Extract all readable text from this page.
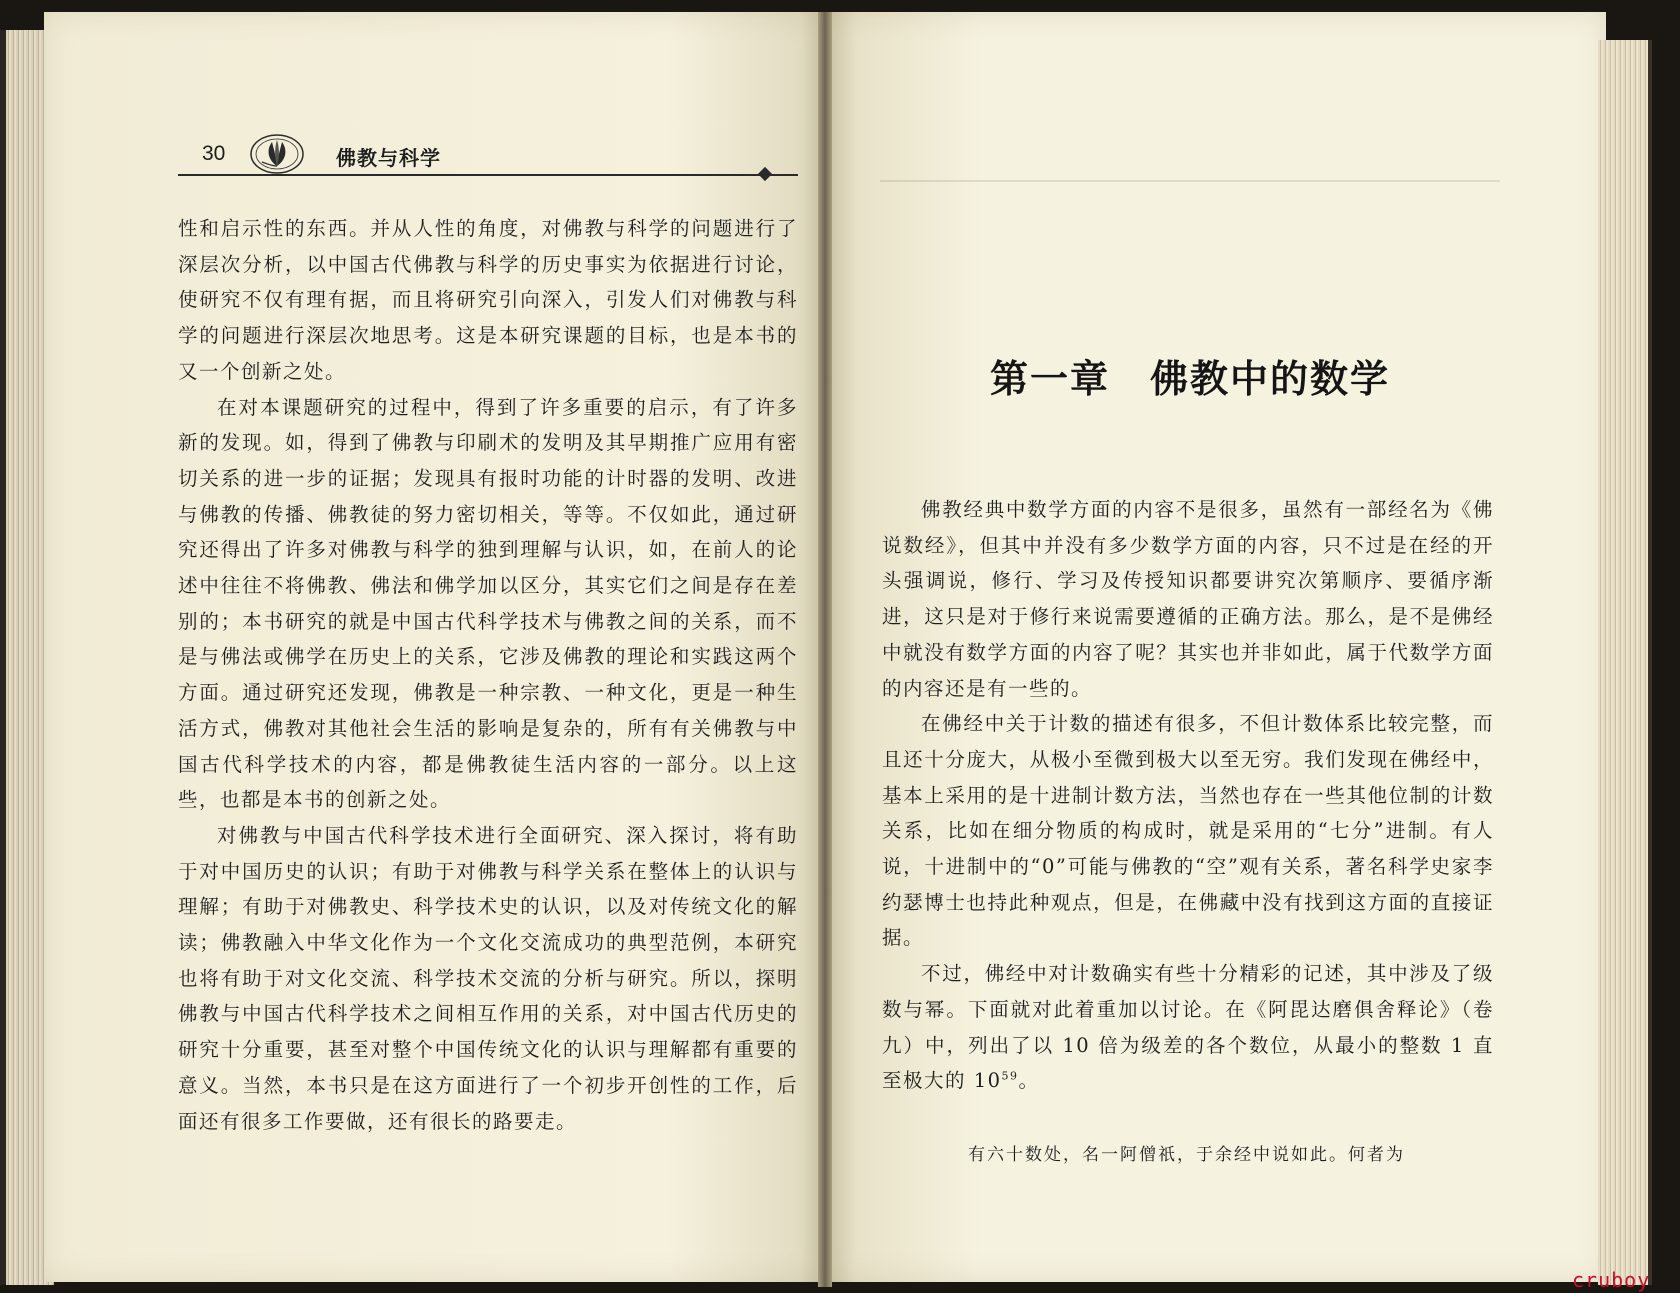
30	佛教与科学

性和启示性的东西。并从人性的角度，对佛教与科学的问题进行了深层次分析，以中国古代佛教与科学的历史事实为依据进行讨论，使研究不仅有理有据，而且将研究引向深入，引发人们对佛教与科学的问题进行深层次地思考。这是本研究课题的目标，也是本书的又一个创新之处。

在对本课题研究的过程中，得到了许多重要的启示，有了许多新的发现。如，得到了佛教与印刷术的发明及其早期推广应用有密切关系的进一步的证据；发现具有报时功能的计时器的发明、改进与佛教的传播、佛教徒的努力密切相关，等等。不仅如此，通过研究还得出了许多对佛教与科学的独到理解与认识，如，在前人的论述中往往不将佛教、佛法和佛学加以区分，其实它们之间是存在差别的；本书研究的就是中国古代科学技术与佛教之间的关系，而不是与佛法或佛学在历史上的关系，它涉及佛教的理论和实践这两个方面。通过研究还发现，佛教是一种宗教、一种文化，更是一种生活方式，佛教对其他社会生活的影响是复杂的，所有有关佛教与中国古代科学技术的内容，都是佛教徒生活内容的一部分。以上这些，也都是本书的创新之处。

对佛教与中国古代科学技术进行全面研究、深入探讨，将有助于对中国历史的认识；有助于对佛教与科学关系在整体上的认识与理解；有助于对佛教史、科学技术史的认识，以及对传统文化的解读；佛教融入中华文化作为一个文化交流成功的典型范例，本研究也将有助于对文化交流、科学技术交流的分析与研究。所以，探明佛教与中国古代科学技术之间相互作用的关系，对中国古代历史的研究十分重要，甚至对整个中国传统文化的认识与理解都有重要的意义。当然，本书只是在这方面进行了一个初步开创性的工作，后面还有很多工作要做，还有很长的路要走。

第一章　佛教中的数学

佛教经典中数学方面的内容不是很多，虽然有一部经名为《佛说数经》，但其中并没有多少数学方面的内容，只不过是在经的开头强调说，修行、学习及传授知识都要讲究次第顺序、要循序渐进，这只是对于修行来说需要遵循的正确方法。那么，是不是佛经中就没有数学方面的内容了呢？其实也并非如此，属于代数学方面的内容还是有一些的。

在佛经中关于计数的描述有很多，不但计数体系比较完整，而且还十分庞大，从极小至微到极大以至无穷。我们发现在佛经中，基本上采用的是十进制计数方法，当然也存在一些其他位制的计数关系，比如在细分物质的构成时，就是采用的“七分”进制。有人说，十进制中的“0”可能与佛教的“空”观有关系，著名科学史家李约瑟博士也持此种观点，但是，在佛藏中没有找到这方面的直接证据。

不过，佛经中对计数确实有些十分精彩的记述，其中涉及了级数与幂。下面就对此着重加以讨论。在《阿毘达磨俱舍释论》（卷九）中，列出了以 10 倍为级差的各个数位，从最小的整数 1 直至极大的 $10^{59}$。

有六十数处，名一阿僧祇，于余经中说如此。何者为
cruboy
